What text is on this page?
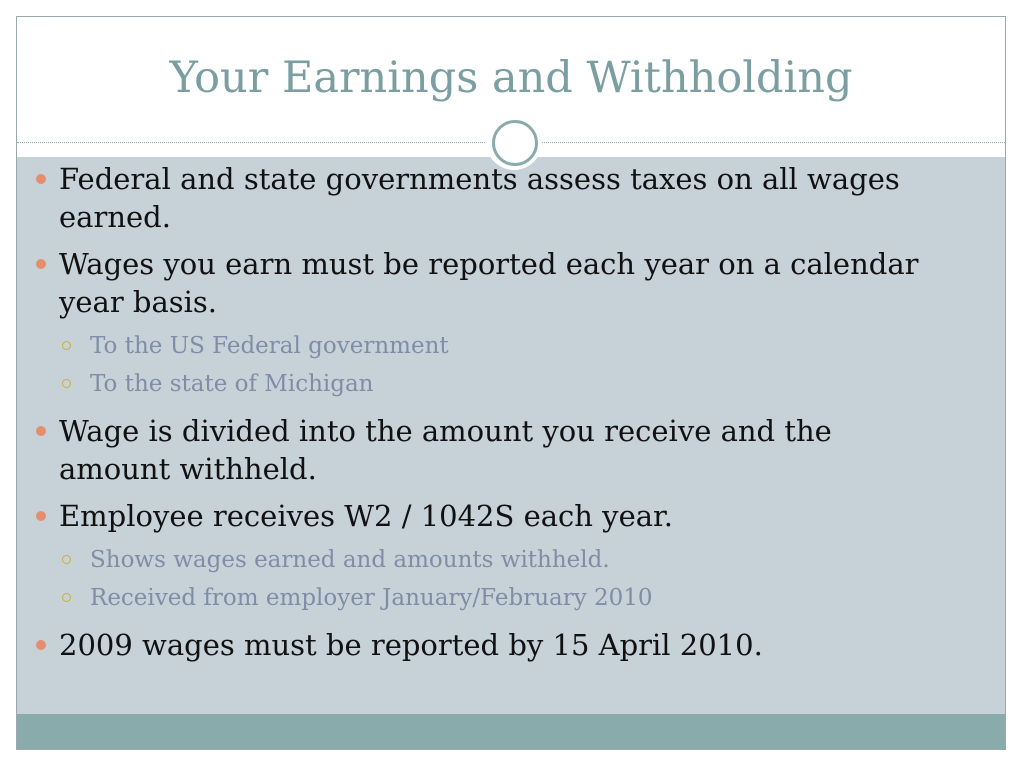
Your Earnings and Withholding
Federal and state governments assess taxes on all wages earned.
Wages you earn must be reported each year on a calendar year basis.
To the US Federal government
To the state of Michigan
Wage is divided into the amount you receive and the amount withheld.
Employee receives W2 / 1042S each year.
Shows wages earned and amounts withheld.
Received from employer January/February 2010
2009 wages must be reported by 15 April 2010.
